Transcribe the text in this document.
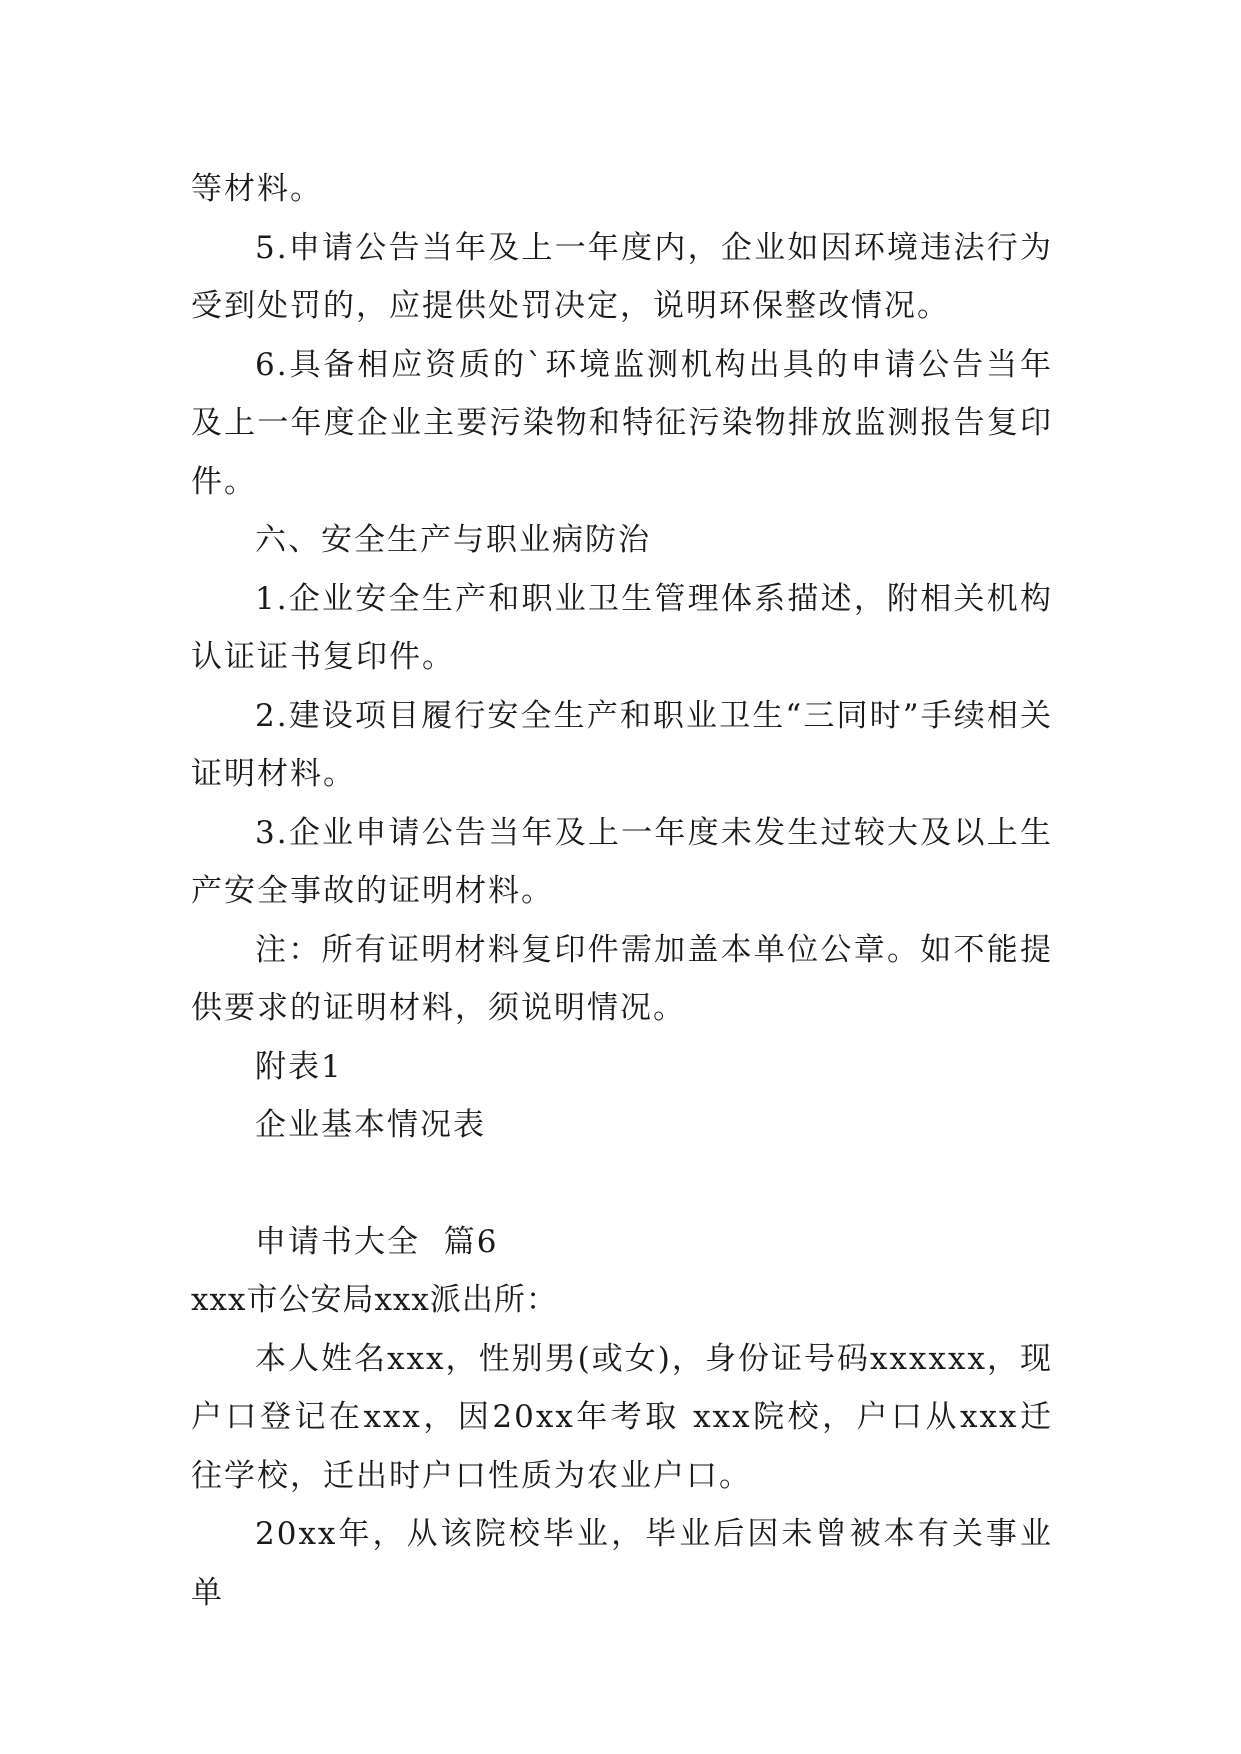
等材料。

5.申请公告当年及上一年度内，企业如因环境违法行为受到处罚的，应提供处罚决定，说明环保整改情况。

6.具备相应资质的`环境监测机构出具的申请公告当年及上一年度企业主要污染物和特征污染物排放监测报告复印件。

六、安全生产与职业病防治

1.企业安全生产和职业卫生管理体系描述，附相关机构认证证书复印件。

2.建设项目履行安全生产和职业卫生“三同时”手续相关证明材料。

3.企业申请公告当年及上一年度未发生过较大及以上生产安全事故的证明材料。

注：所有证明材料复印件需加盖本单位公章。如不能提供要求的证明材料，须说明情况。

附表1

企业基本情况表

申请书大全  篇6

xxx市公安局xxx派出所：

本人姓名xxx，性别男(或女)，身份证号码xxxxxx，现户口登记在xxx，因20xx年考取 xxx院校，户口从xxx迁往学校，迁出时户口性质为农业户口。

20xx年，从该院校毕业，毕业后因未曾被本有关事业单
